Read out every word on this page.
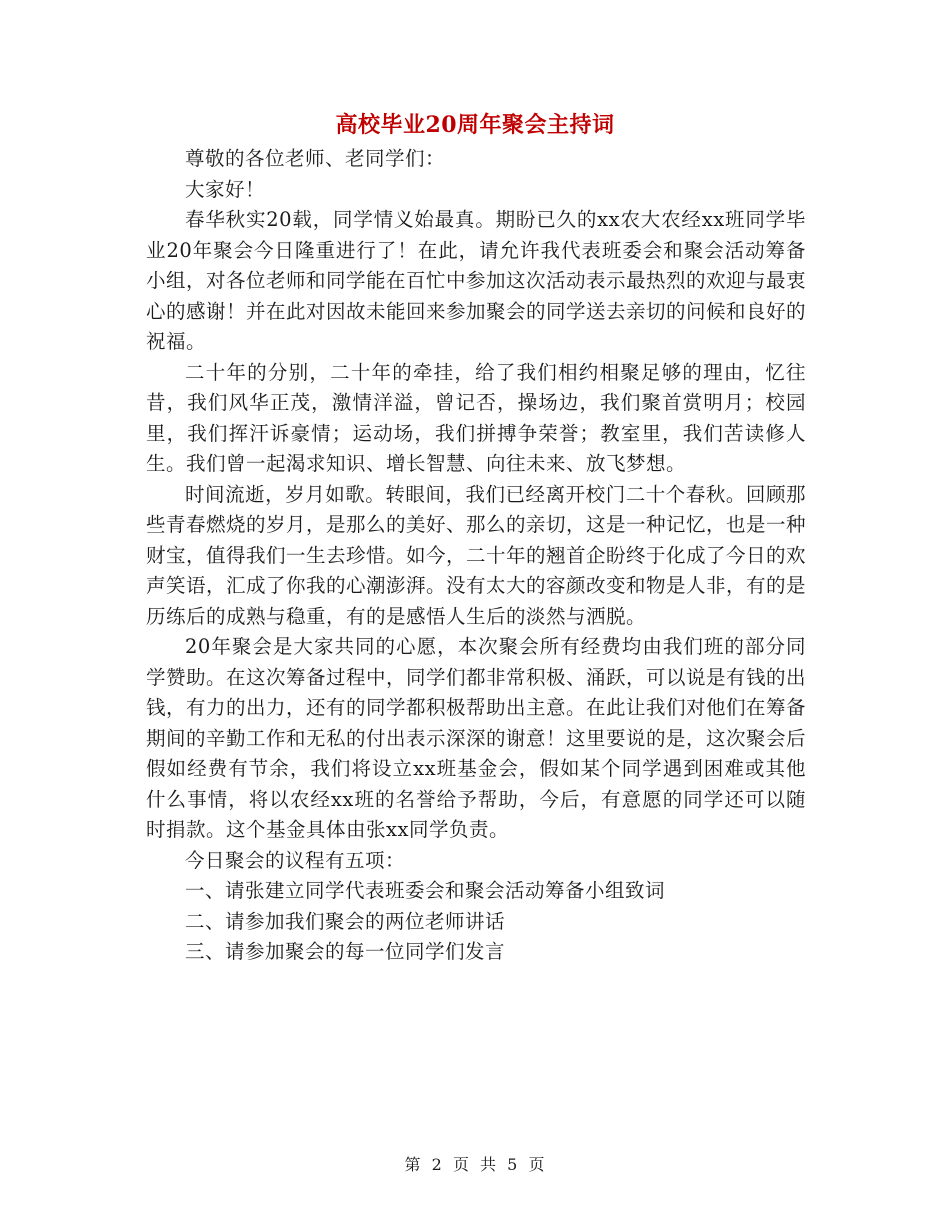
高校毕业20周年聚会主持词

尊敬的各位老师、老同学们：

大家好！

春华秋实20载，同学情义始最真。期盼已久的xx农大农经xx班同学毕业20年聚会今日隆重进行了！在此，请允许我代表班委会和聚会活动筹备小组，对各位老师和同学能在百忙中参加这次活动表示最热烈的欢迎与最衷心的感谢！并在此对因故未能回来参加聚会的同学送去亲切的问候和良好的祝福。

二十年的分别，二十年的牵挂，给了我们相约相聚足够的理由，忆往昔，我们风华正茂，激情洋溢，曾记否，操场边，我们聚首赏明月；校园里，我们挥汗诉豪情；运动场，我们拼搏争荣誉；教室里，我们苦读修人生。我们曾一起渴求知识、增长智慧、向往未来、放飞梦想。

时间流逝，岁月如歌。转眼间，我们已经离开校门二十个春秋。回顾那些青春燃烧的岁月，是那么的美好、那么的亲切，这是一种记忆，也是一种财宝，值得我们一生去珍惜。如今，二十年的翘首企盼终于化成了今日的欢声笑语，汇成了你我的心潮澎湃。没有太大的容颜改变和物是人非，有的是历练后的成熟与稳重，有的是感悟人生后的淡然与洒脱。

20年聚会是大家共同的心愿，本次聚会所有经费均由我们班的部分同学赞助。在这次筹备过程中，同学们都非常积极、涌跃，可以说是有钱的出钱，有力的出力，还有的同学都积极帮助出主意。在此让我们对他们在筹备期间的辛勤工作和无私的付出表示深深的谢意！这里要说的是，这次聚会后假如经费有节余，我们将设立xx班基金会，假如某个同学遇到困难或其他什么事情，将以农经xx班的名誉给予帮助，今后，有意愿的同学还可以随时捐款。这个基金具体由张xx同学负责。

今日聚会的议程有五项：

一、请张建立同学代表班委会和聚会活动筹备小组致词

二、请参加我们聚会的两位老师讲话

三、请参加聚会的每一位同学们发言

第 2 页 共 5 页
